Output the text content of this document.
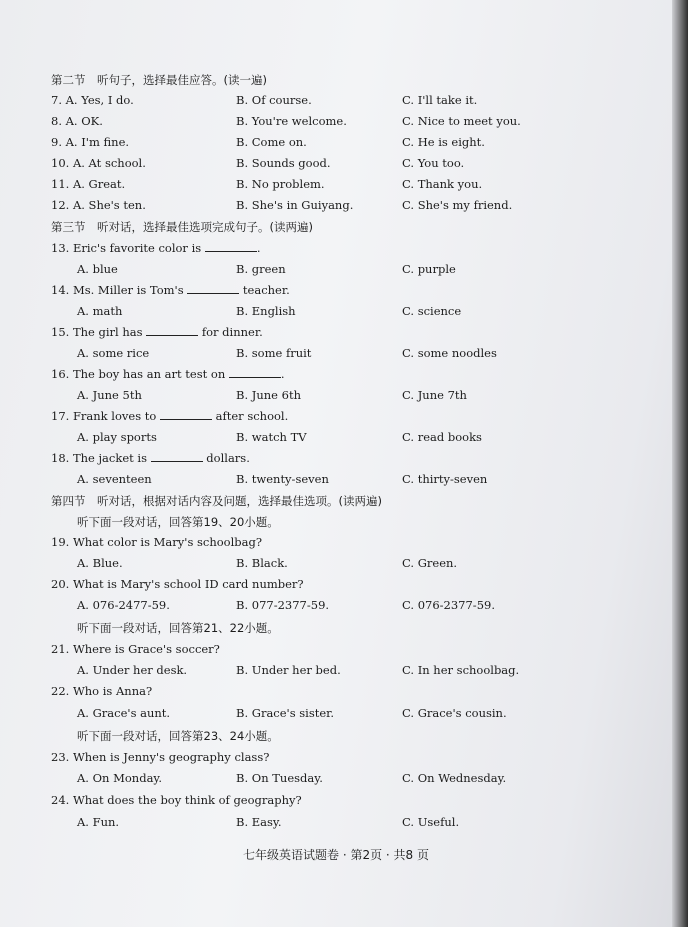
第二节　听句子，选择最佳应答。(读一遍)
7. A. Yes, I do.	B. Of course.	C. I'll take it.
8. A. OK.	B. You're welcome.	C. Nice to meet you.
9. A. I'm fine.	B. Come on.	C. He is eight.
10. A. At school.	B. Sounds good.	C. You too.
11. A. Great.	B. No problem.	C. Thank you.
12. A. She's ten.	B. She's in Guiyang.	C. She's my friend.
第三节　听对话，选择最佳选项完成句子。(读两遍)
13. Eric's favorite color is	.
A. blue	B. green	C. purple
14. Ms. Miller is Tom's	teacher.
A. math	B. English	C. science
15. The girl has	for dinner.
A. some rice	B. some fruit	C. some noodles
16. The boy has an art test on	.
A. June 5th	B. June 6th	C. June 7th
17. Frank loves to	after school.
A. play sports	B. watch TV	C. read books
18. The jacket is	dollars.
A. seventeen	B. twenty-seven	C. thirty-seven
第四节　听对话，根据对话内容及问题，选择最佳选项。(读两遍)
听下面一段对话，回答第19、20小题。
19. What color is Mary's schoolbag?
A. Blue.	B. Black.	C. Green.
20. What is Mary's school ID card number?
A. 076-2477-59.	B. 077-2377-59.	C. 076-2377-59.
听下面一段对话，回答第21、22小题。
21. Where is Grace's soccer?
A. Under her desk.	B. Under her bed.	C. In her schoolbag.
22. Who is Anna?
A. Grace's aunt.	B. Grace's sister.	C. Grace's cousin.
听下面一段对话，回答第23、24小题。
23. When is Jenny's geography class?
A. On Monday.	B. On Tuesday.	C. On Wednesday.
24. What does the boy think of geography?
A. Fun.	B. Easy.	C. Useful.
七年级英语试题卷 · 第2页 · 共8 页
